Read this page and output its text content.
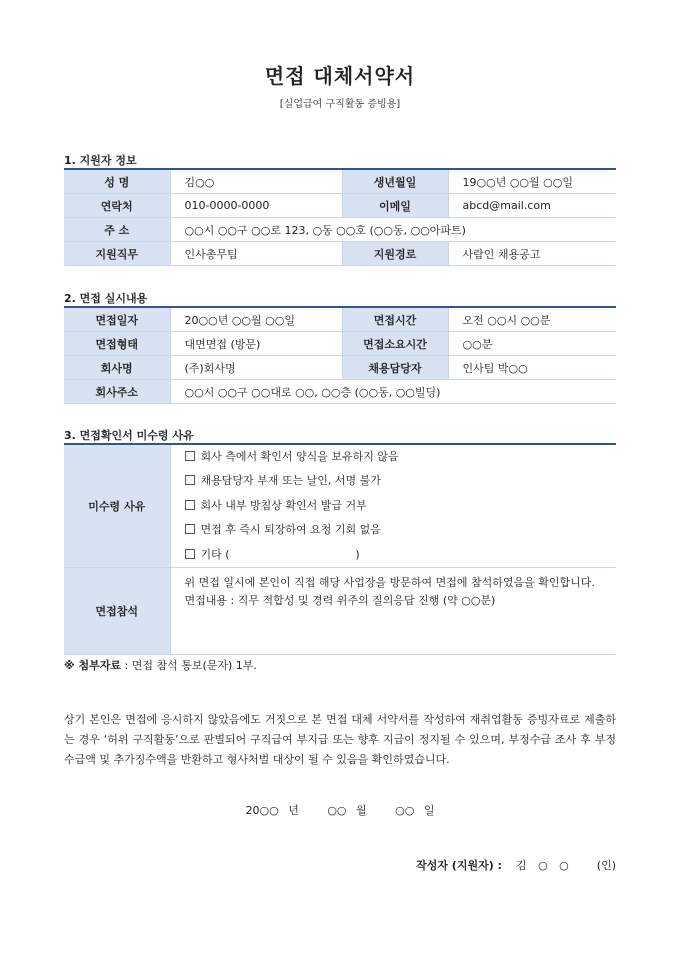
면접 대체서약서
[실업급여 구직활동 증빙용]
1. 지원자 정보
성 명	김○○	생년월일	19○○년 ○○월 ○○일
연락처	010-0000-0000	이메일	abcd@mail.com
주 소	○○시 ○○구 ○○로 123, ○동 ○○호 (○○동, ○○아파트)		
지원직무	인사총무팀	지원경로	사람인 채용공고
2. 면접 실시내용
면접일자	20○○년 ○○월 ○○일	면접시간	오전 ○○시 ○○분
면접형태	대면면접 (방문)	면접소요시간	○○분
회사명	(주)회사명	채용담당자	인사팀 박○○
회사주소	○○시 ○○구 ○○대로 ○○, ○○층 (○○동, ○○빌딩)		
3. 면접확인서 미수령 사유
미수령 사유	회사 측에서 확인서 양식을 보유하지 않음
채용담당자 부재 또는 날인, 서명 불가
회사 내부 방침상 확인서 발급 거부
면접 후 즉시 퇴장하여 요청 기회 없음
기타 (                                    )

면접참석	위 면접 일시에 본인이 직접 해당 사업장을 방문하여 면접에 참석하였음을 확인합니다.
면접내용 : 직무 적합성 및 경력 위주의 질의응답 진행 (약 ○○분)
※ 첨부자료 : 면접 참석 통보(문자) 1부.
상기 본인은 면접에 응시하지 않았음에도 거짓으로 본 면접 대체 서약서를 작성하여 재취업활동 증빙자료로 제출하는 경우 ‘허위 구직활동’으로 판별되어 구직급여 부지급 또는 향후 지급이 정지될 수 있으며, 부정수급 조사 후 부정수급액 및 추가징수액을 반환하고 형사처벌 대상이 될 수 있음을 확인하였습니다.
20○○ 년   ○○ 월   ○○ 일
작성자 (지원자) : 김 ○ ○ (인)
